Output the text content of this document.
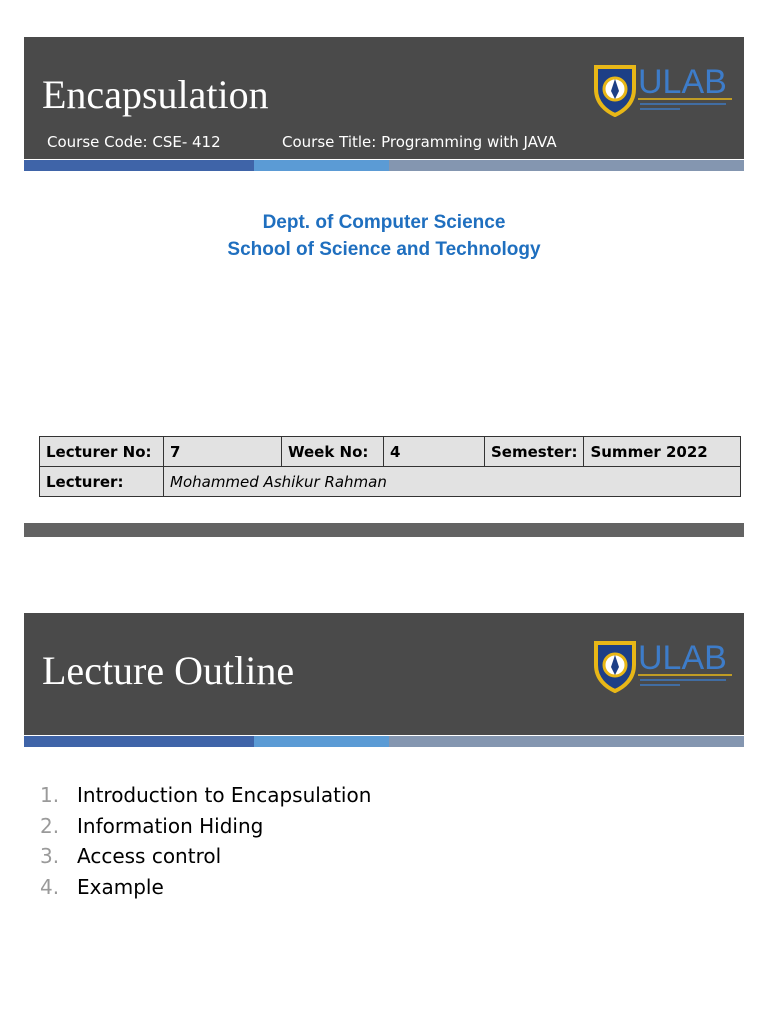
Encapsulation
Course Code: CSE- 412	Course Title: Programming with JAVA
ULAB
Dept. of Computer Science
School of Science and Technology
Lecturer No:	7	Week No:	4	Semester:	Summer 2022
Lecturer:	Mohammed Ashikur Rahman				
Lecture Outline	ULAB
1. Introduction to Encapsulation
2. Information Hiding
3. Access control
4. Example
